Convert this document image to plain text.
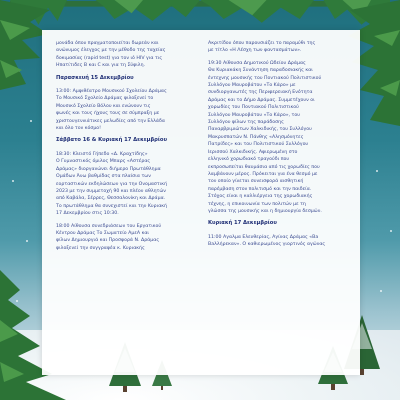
μονάδα όπου πραγματοποιείται δωρεάν και
ανώνυμος έλεγχος με την μέθοδο της ταχείας
δοκιμασίας (rapid test) για τον ιό HIV για τις
Ηπατίτιδες Β και C και για τη Σύφιλη.

Παρασκευή 15 Δεκεμβρίου

13:00: Αμφιθέατρο Μουσικού Σχολείου Δράμας
Το Μουσικό Σχολείο Δράμας φιλοξενεί το
Μουσικό Σχολείο Βόλου και ενώνουν τις
φωνές και τους ήχους τους σε σύμπραξη με
χριστουγεννιάτικες μελωδίες από την Ελλάδα
και όλο τον κόσμο!

Σάββατο 16 & Κυριακή 17 Δεκεμβρίου

18:30: Κλειστό Γήπεδο «Δ. Κραχτίδης»
Ο Γυμναστικός όμιλος Μπαρς «Αστέρας
Δράμας» διοργανώνει διήμερο Πρωτάθλημα
Ομάδων Άνω βαθμίδας στα πλαίσια των
εορταστικών εκδηλώσεων για την Ονομαστική
2023 με την συμμετοχή 90 και πλέον αθλητών
από Καβάλα, Σέρρες, Θεσσαλονίκη και Δράμα.
Το πρωτάθλημα θα συνεχιστεί και την Κυριακή
17 Δεκεμβρίου στις 10:30.

18:00 Αίθουσα συνεδριάσεων του Εργατικού
Κέντρου Δράμας Το Σωματείο ΑμεΑ και
φίλων Δημιουργιά και Προσφορά Ν. Δράμας
φιλοξενεί την συγγραφέα κ. Κυριακής

Ακριτίδου όπου παρουσιάζει το παραμύθι της
με τίτλο «Η Λέσχη των φαντασμάτων».

19:30 Αίθουσα Δημοτικού Ωδείου Δράμας
Θα Κυριακάκη Συνάντηση παραδοσιακής και
έντεχνης μουσικής του Ποντιακού Πολιτιστικού
Συλλόγου Μαυροβάτου «Το Κάρο» με
συνδιοργανωτές της Περιφερειακή Ενότητα
Δράμας και το Δήμο Δράμας. Συμμετέχουν οι
χορωδίες του Ποντιακού Πολιτιστικού
Συλλόγου Μαυροβάτου «Το Κάρο», του
Συλλόγου φίλων της παράδοσης
Παναρβριμιώτων Χαλκιδικής, του Συλλόγου
Μακρυσπατών Ν. Πάνθης «Αλησμόνητες
Πατρίδες» και του Πολιτιστικού Συλλόγου
Ιερισσού Χαλκιδικής. Αφιερωμένη στο
ελληνικό χορωδιακό τραγούδι που
εκπροσωπείται θαυμάσια από τις χορωδίες που
λαμβάνουν μέρος. Πρόκειται για ένα θεσμό με
τον οποίο γίνεται συνεισφορά αισθητική
παρέμβαση στον πολιτισμό και την παιδεία.
Στόχος είναι η καλλιέργεια της χορωδιακής
τέχνης, η επικοινωνία των πολιτών με τη
γλώσσα της μουσικής και η δημιουργία δεσμών.

Κυριακή 17 Δεκεμβρίου

11:00 Αγαλμα Ελευθερίας, Αγίνας Δράμας «Ba
Baλλήρεκαν». Ο καθιερωμένος γιορτινός αγώνας
